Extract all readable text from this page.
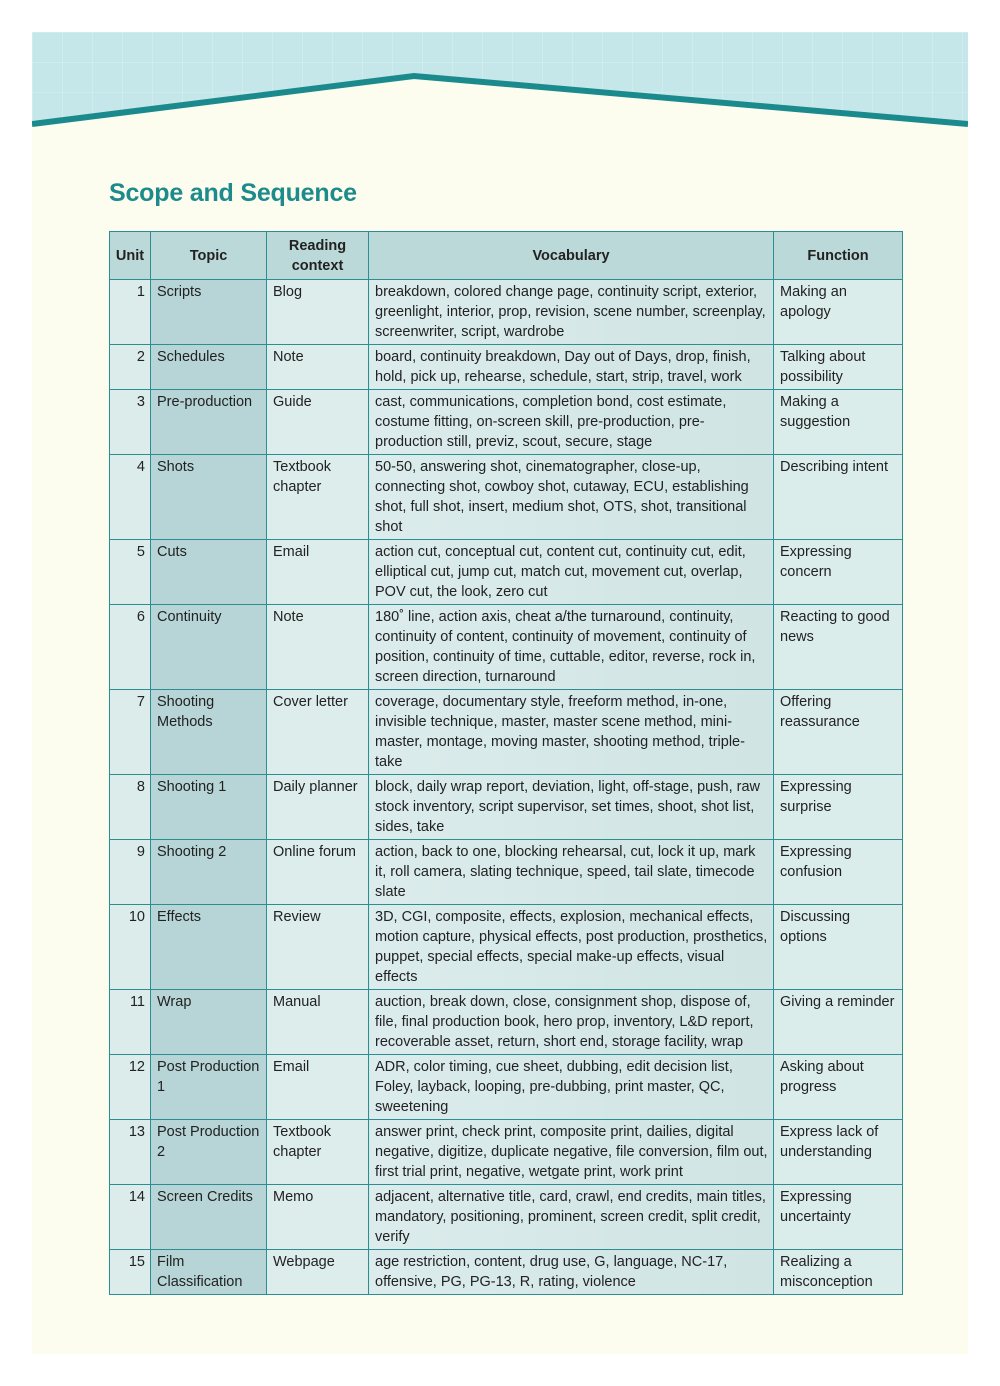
Scope and Sequence
Unit	Topic	Reading context	Vocabulary	Function
1	Scripts	Blog	breakdown, colored change page, continuity script, exterior, greenlight, interior, prop, revision, scene number, screenplay, screenwriter, script, wardrobe	Making an apology
2	Schedules	Note	board, continuity breakdown, Day out of Days, drop, finish, hold, pick up, rehearse, schedule, start, strip, travel, work	Talking about possibility
3	Pre-production	Guide	cast, communications, completion bond, cost estimate, costume fitting, on-screen skill, pre-production, pre-production still, previz, scout, secure, stage	Making a suggestion
4	Shots	Textbook chapter	50-50, answering shot, cinematographer, close-up, connecting shot, cowboy shot, cutaway, ECU, establishing shot, full shot, insert, medium shot, OTS, shot, transitional shot	Describing intent
5	Cuts	Email	action cut, conceptual cut, content cut, continuity cut, edit, elliptical cut, jump cut, match cut, movement cut, overlap, POV cut, the look, zero cut	Expressing concern
6	Continuity	Note	180˚ line, action axis, cheat a/the turnaround, continuity, continuity of content, continuity of movement, continuity of position, continuity of time, cuttable, editor, reverse, rock in, screen direction, turnaround	Reacting to good news
7	Shooting Methods	Cover letter	coverage, documentary style, freeform method, in-one, invisible technique, master, master scene method, mini-master, montage, moving master, shooting method, triple-take	Offering reassurance
8	Shooting 1	Daily planner	block, daily wrap report, deviation, light, off-stage, push, raw stock inventory, script supervisor, set times, shoot, shot list, sides, take	Expressing surprise
9	Shooting 2	Online forum	action, back to one, blocking rehearsal, cut, lock it up, mark it, roll camera, slating technique, speed, tail slate, timecode slate	Expressing confusion
10	Effects	Review	3D, CGI, composite, effects, explosion, mechanical effects, motion capture, physical effects, post production, prosthetics, puppet, special effects, special make-up effects, visual effects	Discussing options
11	Wrap	Manual	auction, break down, close, consignment shop, dispose of, file, final production book, hero prop, inventory, L&D report, recoverable asset, return, short end, storage facility, wrap	Giving a reminder
12	Post Production 1	Email	ADR, color timing, cue sheet, dubbing, edit decision list, Foley, layback, looping, pre-dubbing, print master, QC, sweetening	Asking about progress
13	Post Production 2	Textbook chapter	answer print, check print, composite print, dailies, digital negative, digitize, duplicate negative, file conversion, film out, first trial print, negative, wetgate print, work print	Express lack of understanding
14	Screen Credits	Memo	adjacent, alternative title, card, crawl, end credits, main titles, mandatory, positioning, prominent, screen credit, split credit, verify	Expressing uncertainty
15	Film Classification	Webpage	age restriction, content, drug use, G, language, NC-17, offensive, PG, PG-13, R, rating, violence	Realizing a misconception
